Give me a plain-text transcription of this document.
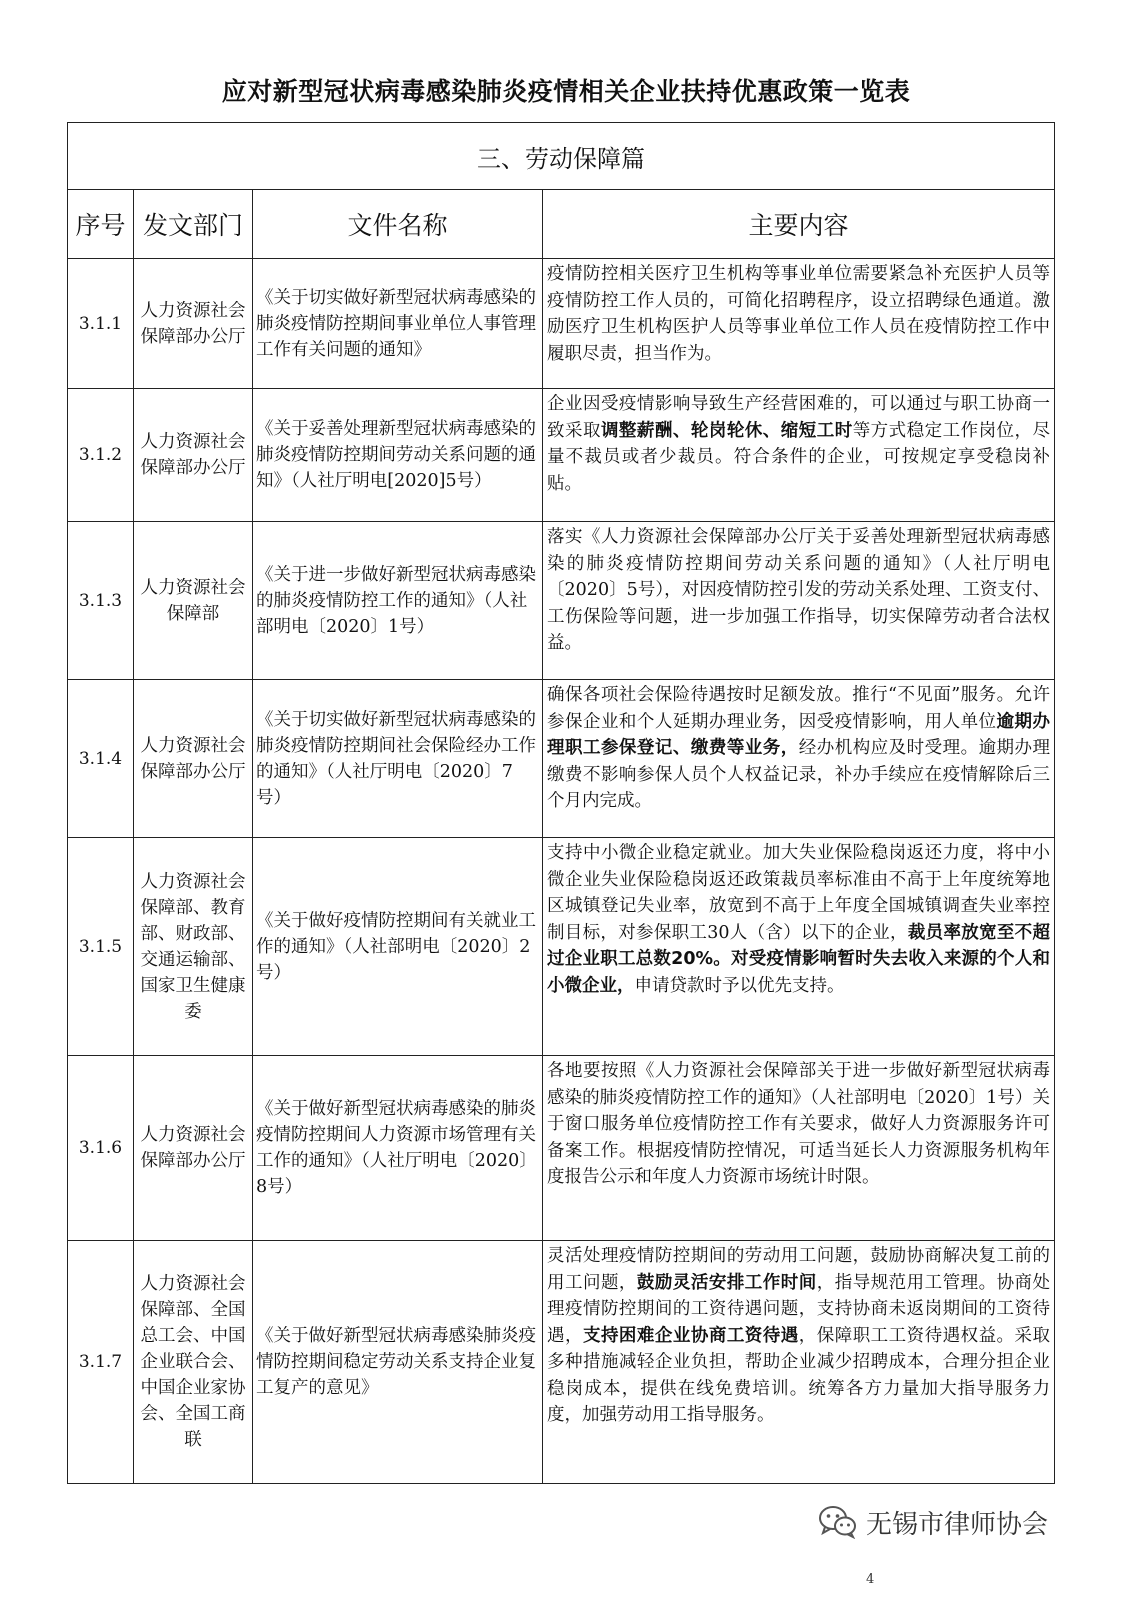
应对新型冠状病毒感染肺炎疫情相关企业扶持优惠政策一览表
三、劳动保障篇			
序号	发文部门	文件名称	主要内容
3.1.1	人力资源社会保障部办公厅	《关于切实做好新型冠状病毒感染的肺炎疫情防控期间事业单位人事管理工作有关问题的通知》	疫情防控相关医疗卫生机构等事业单位需要紧急补充医护人员等疫情防控工作人员的，可简化招聘程序，设立招聘绿色通道。激励医疗卫生机构医护人员等事业单位工作人员在疫情防控工作中履职尽责，担当作为。
3.1.2	人力资源社会保障部办公厅	《关于妥善处理新型冠状病毒感染的肺炎疫情防控期间劳动关系问题的通知》（人社厅明电[2020]5号）	企业因受疫情影响导致生产经营困难的，可以通过与职工协商一致采取调整薪酬、轮岗轮休、缩短工时等方式稳定工作岗位，尽量不裁员或者少裁员。符合条件的企业，可按规定享受稳岗补贴。
3.1.3	人力资源社会保障部	《关于进一步做好新型冠状病毒感染的肺炎疫情防控工作的通知》（人社部明电〔2020〕1号）	落实《人力资源社会保障部办公厅关于妥善处理新型冠状病毒感染的肺炎疫情防控期间劳动关系问题的通知》（人社厅明电〔2020〕5号），对因疫情防控引发的劳动关系处理、工资支付、工伤保险等问题，进一步加强工作指导，切实保障劳动者合法权益。
3.1.4	人力资源社会保障部办公厅	《关于切实做好新型冠状病毒感染的肺炎疫情防控期间社会保险经办工作的通知》（人社厅明电〔2020〕7号）	确保各项社会保险待遇按时足额发放。推行“不见面”服务。允许参保企业和个人延期办理业务，因受疫情影响，用人单位逾期办理职工参保登记、缴费等业务，经办机构应及时受理。逾期办理缴费不影响参保人员个人权益记录，补办手续应在疫情解除后三个月内完成。
3.1.5	人力资源社会保障部、教育部、财政部、交通运输部、国家卫生健康委	《关于做好疫情防控期间有关就业工作的通知》（人社部明电〔2020〕2号）	支持中小微企业稳定就业。加大失业保险稳岗返还力度，将中小微企业失业保险稳岗返还政策裁员率标准由不高于上年度统筹地区城镇登记失业率，放宽到不高于上年度全国城镇调查失业率控制目标，对参保职工30人（含）以下的企业，裁员率放宽至不超过企业职工总数20%。对受疫情影响暂时失去收入来源的个人和小微企业，申请贷款时予以优先支持。
3.1.6	人力资源社会保障部办公厅	《关于做好新型冠状病毒感染的肺炎疫情防控期间人力资源市场管理有关工作的通知》（人社厅明电〔2020〕8号）	各地要按照《人力资源社会保障部关于进一步做好新型冠状病毒感染的肺炎疫情防控工作的通知》（人社部明电〔2020〕1号）关于窗口服务单位疫情防控工作有关要求，做好人力资源服务许可备案工作。根据疫情防控情况，可适当延长人力资源服务机构年度报告公示和年度人力资源市场统计时限。
3.1.7	人力资源社会保障部、全国总工会、中国企业联合会、中国企业家协会、全国工商联	《关于做好新型冠状病毒感染肺炎疫情防控期间稳定劳动关系支持企业复工复产的意见》	灵活处理疫情防控期间的劳动用工问题，鼓励协商解决复工前的用工问题，鼓励灵活安排工作时间，指导规范用工管理。协商处理疫情防控期间的工资待遇问题，支持协商未返岗期间的工资待遇，支持困难企业协商工资待遇，保障职工工资待遇权益。采取多种措施减轻企业负担，帮助企业减少招聘成本，合理分担企业稳岗成本，提供在线免费培训。统筹各方力量加大指导服务力度，加强劳动用工指导服务。
无锡市律师协会
4
